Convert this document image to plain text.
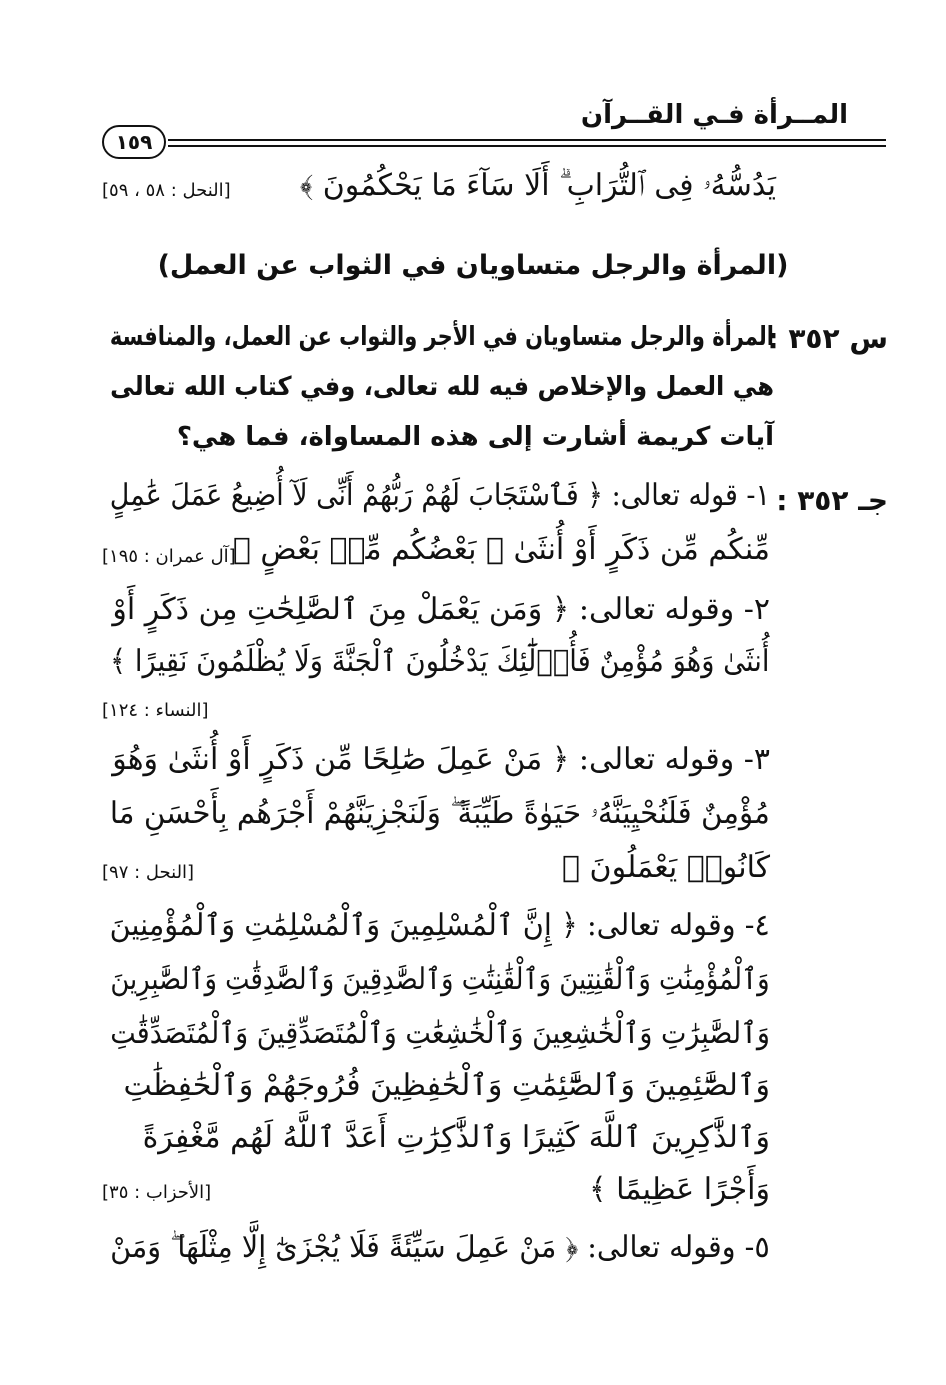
المــرأة فـي القــرآن
١٥٩
يَدُسُّهُۥ فِى ٱلتُّرَابِ ۗ أَلَا سَآءَ مَا يَحْكُمُونَ ﴾
[النحل : ٥٨ ، ٥٩]
(المرأة والرجل متساويان في الثواب عن العمل)
س ٣٥٢ :
المرأة والرجل متساويان في الأجر والثواب عن العمل، والمنافسة
هي العمل والإخلاص فيه لله تعالى، وفي كتاب الله تعالى
آيات كريمة أشارت إلى هذه المساواة، فما هي؟
جـ ٣٥٢ :
١- قوله تعالى: ﴿ فَٱسْتَجَابَ لَهُمْ رَبُّهُمْ أَنِّى لَآ أُضِيعُ عَمَلَ عَٰمِلٍ
مِّنكُم مِّن ذَكَرٍ أَوْ أُنثَىٰ ۖ بَعْضُكُم مِّنۢ بَعْضٍ ﴾
[آل عمران : ١٩٥]
٢- وقوله تعالى: ﴿ وَمَن يَعْمَلْ مِنَ ٱلصَّٰلِحَٰتِ مِن ذَكَرٍ أَوْ
أُنثَىٰ وَهُوَ مُؤْمِنٌ فَأُو۟لَٰٓئِكَ يَدْخُلُونَ ٱلْجَنَّةَ وَلَا يُظْلَمُونَ نَقِيرًا ﴾
[النساء : ١٢٤]
٣- وقوله تعالى: ﴿ مَنْ عَمِلَ صَٰلِحًا مِّن ذَكَرٍ أَوْ أُنثَىٰ وَهُوَ
مُؤْمِنٌ فَلَنُحْيِيَنَّهُۥ حَيَوٰةً طَيِّبَةً ۖ وَلَنَجْزِيَنَّهُمْ أَجْرَهُم بِأَحْسَنِ مَا
كَانُوا۟ يَعْمَلُونَ ﴾
[النحل : ٩٧]
٤- وقوله تعالى: ﴿ إِنَّ ٱلْمُسْلِمِينَ وَٱلْمُسْلِمَٰتِ وَٱلْمُؤْمِنِينَ
وَٱلْمُؤْمِنَٰتِ وَٱلْقَٰنِتِينَ وَٱلْقَٰنِتَٰتِ وَٱلصَّٰدِقِينَ وَٱلصَّٰدِقَٰتِ وَٱلصَّٰبِرِينَ
وَٱلصَّٰبِرَٰتِ وَٱلْخَٰشِعِينَ وَٱلْخَٰشِعَٰتِ وَٱلْمُتَصَدِّقِينَ وَٱلْمُتَصَدِّقَٰتِ
وَٱلصَّٰٓئِمِينَ وَٱلصَّٰٓئِمَٰتِ وَٱلْحَٰفِظِينَ فُرُوجَهُمْ وَٱلْحَٰفِظَٰتِ
وَٱلذَّٰكِرِينَ ٱللَّهَ كَثِيرًا وَٱلذَّٰكِرَٰتِ أَعَدَّ ٱللَّهُ لَهُم مَّغْفِرَةً
وَأَجْرًا عَظِيمًا ﴾
[الأحزاب : ٣٥]
٥- وقوله تعالى: ﴿ مَنْ عَمِلَ سَيِّئَةً فَلَا يُجْزَىٰٓ إِلَّا مِثْلَهَا ۖ وَمَنْ
